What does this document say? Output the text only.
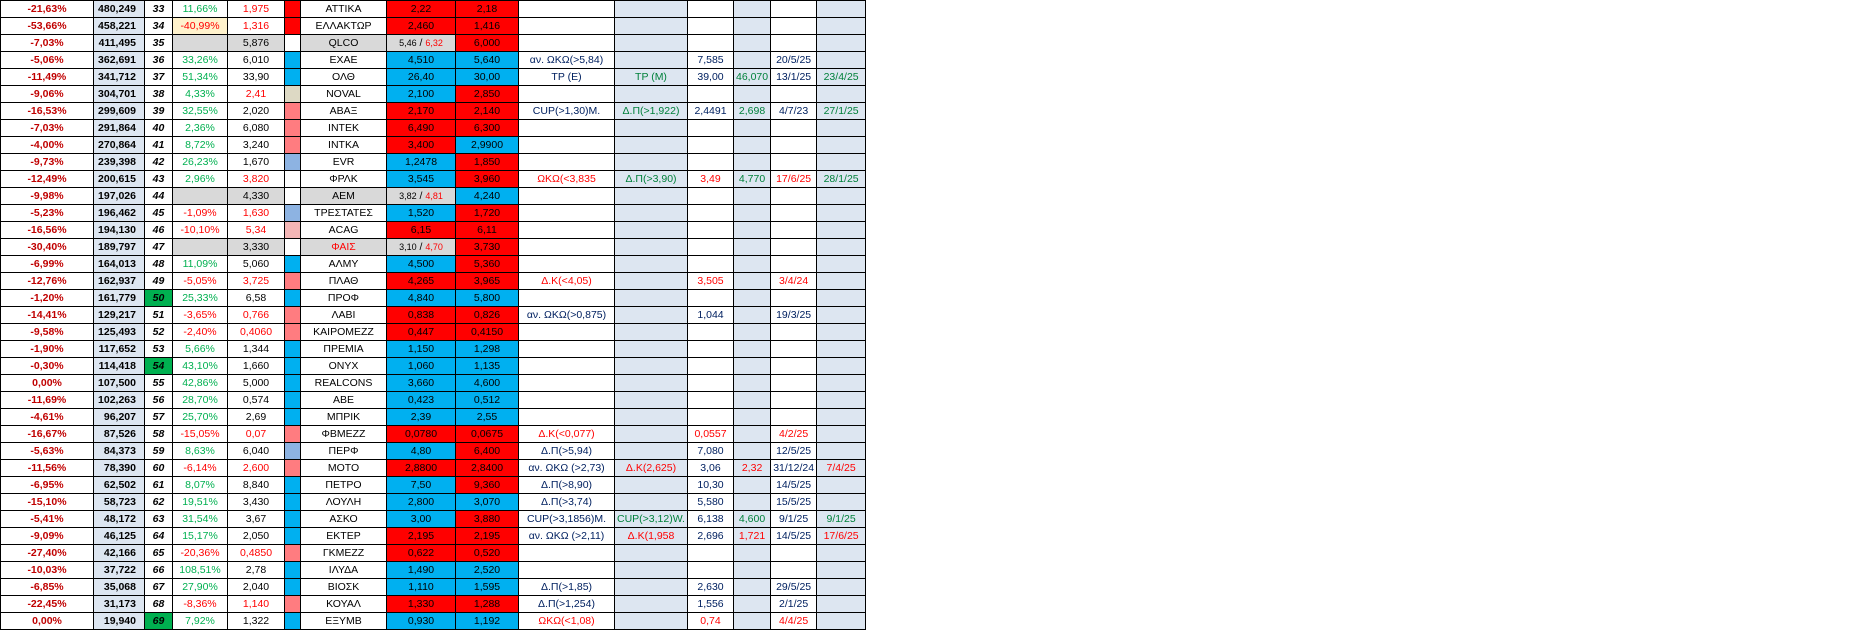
-21,63%	480,249	33	11,66%	1,975		ΑΤΤΙΚΑ	2,22	2,18						
-53,66%	458,221	34	-40,99%	1,316		ΕΛΛΑΚΤΩΡ	2,460	1,416						
-7,03%	411,495	35		5,876		QLCO	5,46 / 6,32	6,000						
-5,06%	362,691	36	33,26%	6,010		ΕΧΑΕ	4,510	5,640	αν. ΩΚΩ(>5,84)		7,585		20/5/25	
-11,49%	341,712	37	51,34%	33,90		ΟΛΘ	26,40	30,00	TP (E)	TP (M)	39,00	46,070	13/1/25	23/4/25
-9,06%	304,701	38	4,33%	2,41		NOVAL	2,100	2,850						
-16,53%	299,609	39	32,55%	2,020		ΑΒΑΞ	2,170	2,140	CUP(>1,30)M.	Δ.Π(>1,922)	2,4491	2,698	4/7/23	27/1/25
-7,03%	291,864	40	2,36%	6,080		INTEK	6,490	6,300						
-4,00%	270,864	41	8,72%	3,240		INTKA	3,400	2,9900						
-9,73%	239,398	42	26,23%	1,670		EVR	1,2478	1,850						
-12,49%	200,615	43	2,96%	3,820		ΦΡΛΚ	3,545	3,960	ΩΚΩ(<3,835	Δ.Π(>3,90)	3,49	4,770	17/6/25	28/1/25
-9,98%	197,026	44		4,330		ΑΕΜ	3,82 / 4,81	4,240						
-5,23%	196,462	45	-1,09%	1,630		ΤΡΕΣΤΑΤΕΣ	1,520	1,720						
-16,56%	194,130	46	-10,10%	5,34		ACAG	6,15	6,11						
-30,40%	189,797	47		3,330		ΦΑΙΣ	3,10 / 4,70	3,730						
-6,99%	164,013	48	11,09%	5,060		ΑΛΜΥ	4,500	5,360						
-12,76%	162,937	49	-5,05%	3,725		ΠΛΑΘ	4,265	3,965	Δ.Κ(<4,05)		3,505		3/4/24	
-1,20%	161,779	50	25,33%	6,58		ΠΡΟΦ	4,840	5,800						
-14,41%	129,217	51	-3,65%	0,766		ΛΑΒΙ	0,838	0,826	αν. ΩΚΩ(>0,875)		1,044		19/3/25	
-9,58%	125,493	52	-2,40%	0,4060		ΚΑΙΡΟΜΕΖΖ	0,447	0,4150						
-1,90%	117,652	53	5,66%	1,344		ΠΡΕΜΙΑ	1,150	1,298						
-0,30%	114,418	54	43,10%	1,660		ΟΝΥΧ	1,060	1,135						
0,00%	107,500	55	42,86%	5,000		REALCONS	3,660	4,600						
-11,69%	102,263	56	28,70%	0,574		ΑΒΕ	0,423	0,512						
-4,61%	96,207	57	25,70%	2,69		ΜΠΡΙΚ	2,39	2,55						
-16,67%	87,526	58	-15,05%	0,07		ΦΒΜΕΖΖ	0,0780	0,0675	Δ.Κ(<0,077)		0,0557		4/2/25	
-5,63%	84,373	59	8,63%	6,040		ΠΕΡΦ	4,80	6,400	Δ.Π(>5,94)		7,080		12/5/25	
-11,56%	78,390	60	-6,14%	2,600		ΜΟΤΟ	2,8800	2,8400	αν. ΩΚΩ (>2,73)	Δ.Κ(2,625)	3,06	2,32	31/12/24	7/4/25
-6,95%	62,502	61	8,07%	8,840		ΠΕΤΡΟ	7,50	9,360	Δ.Π(>8,90)		10,30		14/5/25	
-15,10%	58,723	62	19,51%	3,430		ΛΟΥΛΗ	2,800	3,070	Δ.Π(>3,74)		5,580		15/5/25	
-5,41%	48,172	63	31,54%	3,67		ΑΣΚΟ	3,00	3,880	CUP(>3,1856)M.	CUP(>3,12)W.	6,138	4,600	9/1/25	9/1/25
-9,09%	46,125	64	15,17%	2,050		ΕΚΤΕΡ	2,195	2,195	αν. ΩΚΩ (>2,11)	Δ.Κ(1,958	2,696	1,721	14/5/25	17/6/25
-27,40%	42,166	65	-20,36%	0,4850		ΓΚΜΕΖΖ	0,622	0,520						
-10,03%	37,722	66	108,51%	2,78		ΙΛΥΔΑ	1,490	2,520						
-6,85%	35,068	67	27,90%	2,040		ΒΙΟΣΚ	1,110	1,595	Δ.Π(>1,85)		2,630		29/5/25	
-22,45%	31,173	68	-8,36%	1,140		ΚΟΥΑΛ	1,330	1,288	Δ.Π(>1,254)		1,556		2/1/25	
0,00%	19,940	69	7,92%	1,322		ΕΞΥΜΒ	0,930	1,192	ΩΚΩ(<1,08)		0,74		4/4/25	
